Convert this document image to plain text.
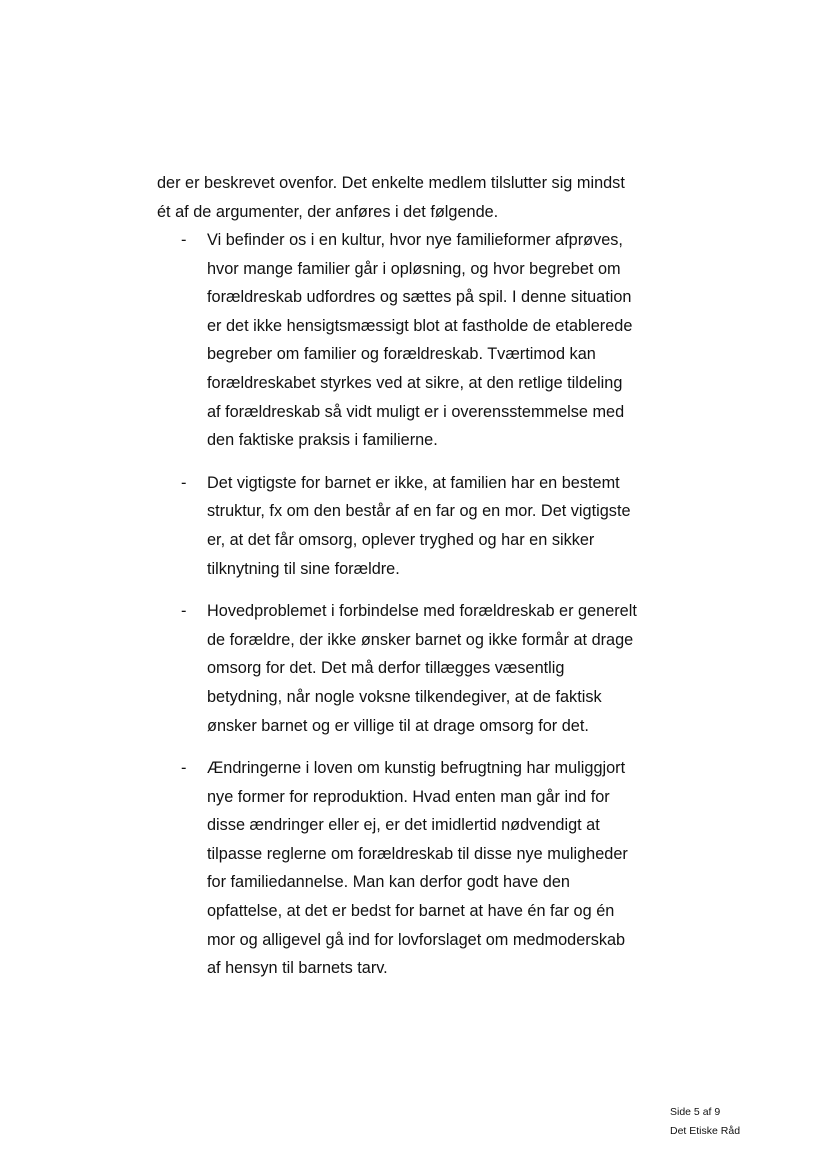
der er beskrevet ovenfor. Det enkelte medlem tilslutter sig mindst
ét af de argumenter, der anføres i det følgende.
- Vi befinder os i en kultur, hvor nye familieformer afprøves,
hvor mange familier går i opløsning, og hvor begrebet om
forældreskab udfordres og sættes på spil. I denne situation
er det ikke hensigtsmæssigt blot at fastholde de etablerede
begreber om familier og forældreskab. Tværtimod kan
forældreskabet styrkes ved at sikre, at den retlige tildeling
af forældreskab så vidt muligt er i overensstemmelse med
den faktiske praksis i familierne.
- Det vigtigste for barnet er ikke, at familien har en bestemt
struktur, fx om den består af en far og en mor. Det vigtigste
er, at det får omsorg, oplever tryghed og har en sikker
tilknytning til sine forældre.
- Hovedproblemet i forbindelse med forældreskab er generelt
de forældre, der ikke ønsker barnet og ikke formår at drage
omsorg for det. Det må derfor tillægges væsentlig
betydning, når nogle voksne tilkendegiver, at de faktisk
ønsker barnet og er villige til at drage omsorg for det.
- Ændringerne i loven om kunstig befrugtning har muliggjort
nye former for reproduktion. Hvad enten man går ind for
disse ændringer eller ej, er det imidlertid nødvendigt at
tilpasse reglerne om forældreskab til disse nye muligheder
for familiedannelse. Man kan derfor godt have den
opfattelse, at det er bedst for barnet at have én far og én
mor og alligevel gå ind for lovforslaget om medmoderskab
af hensyn til barnets tarv.
Side 5 af 9
Det Etiske Råd
